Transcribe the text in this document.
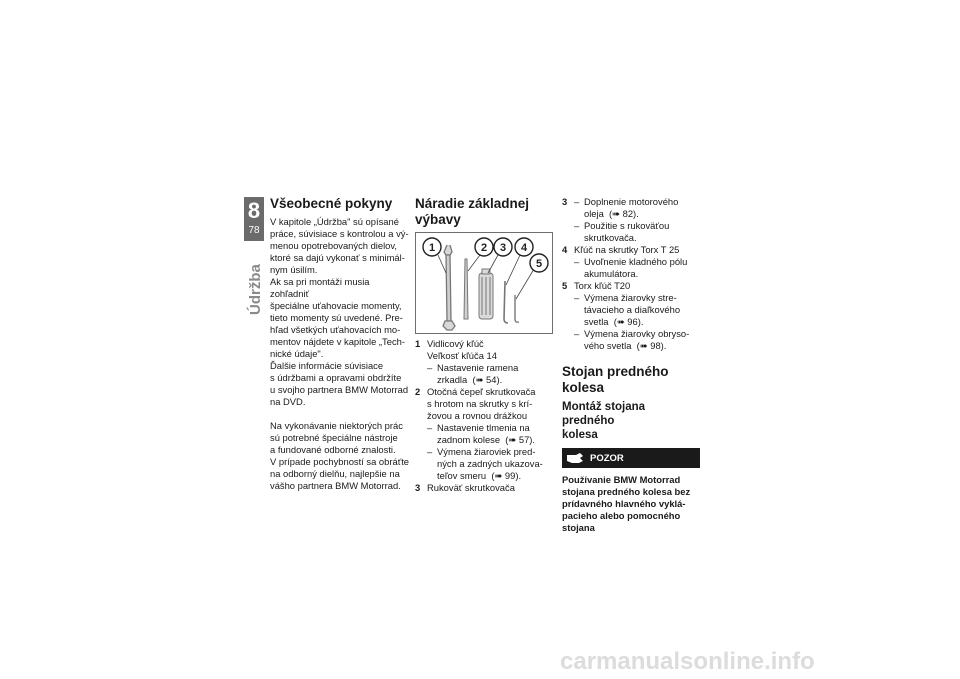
8
78
Údržba
Všeobecné pokyny

V kapitole „Údržba" sú opísané

práce, súvisiace s kontrolou a vý-

menou opotrebovaných dielov,

ktoré sa dajú vykonať s minimál-

nym úsilím.

Ak sa pri montáži musia zohľadniť

špeciálne uťahovacie momenty,

tieto momenty sú uvedené. Pre-

hľad všetkých uťahovacích mo-

mentov nájdete v kapitole „Tech-

nické údaje".

Ďalšie informácie súvisiace

s údržbami a opravami obdržíte

u svojho partnera BMW Motorrad

na DVD.

Na vykonávanie niektorých prác

sú potrebné špeciálne nástroje

a fundované odborné znalosti.

V prípade pochybností sa obráťte

na odborný dielňu, najlepšie na

vášho partnera BMW Motorrad.

Náradie základnej
výbavy
1	2 3 4
5
1 Vidlicový kľúč
Veľkosť kľúča 14
– Nastavenie ramena
zrkadla (➠ 54).
2 Otočná čepeľ skrutkovača
s hrotom na skrutky s krí-
žovou a rovnou drážkou
– Nastavenie tlmenia na
zadnom kolese (➠ 57).
– Výmena žiaroviek pred-
ných a zadných ukazova-
teľov smeru (➠ 99).
3 Rukoväť skrutkovača
3 – Doplnenie motorového
oleja (➠ 82).
– Použitie s rukoväťou
skrutkovača.
4 Kľúč na skrutky Torx T 25
– Uvoľnenie kladného pólu
akumulátora.
5 Torx kľúč T20
– Výmena žiarovky stre-
távacieho a diaľkového
svetla (➠ 96).
– Výmena žiarovky obryso-
vého svetla (➠ 98).
Stojan predného kolesa
Montáž stojana predného
kolesa
POZOR
Používanie BMW Motorrad
stojana predného kolesa bez
prídavného hlavného vyklá-
pacieho alebo pomocného
stojana
carmanualsonline.info
